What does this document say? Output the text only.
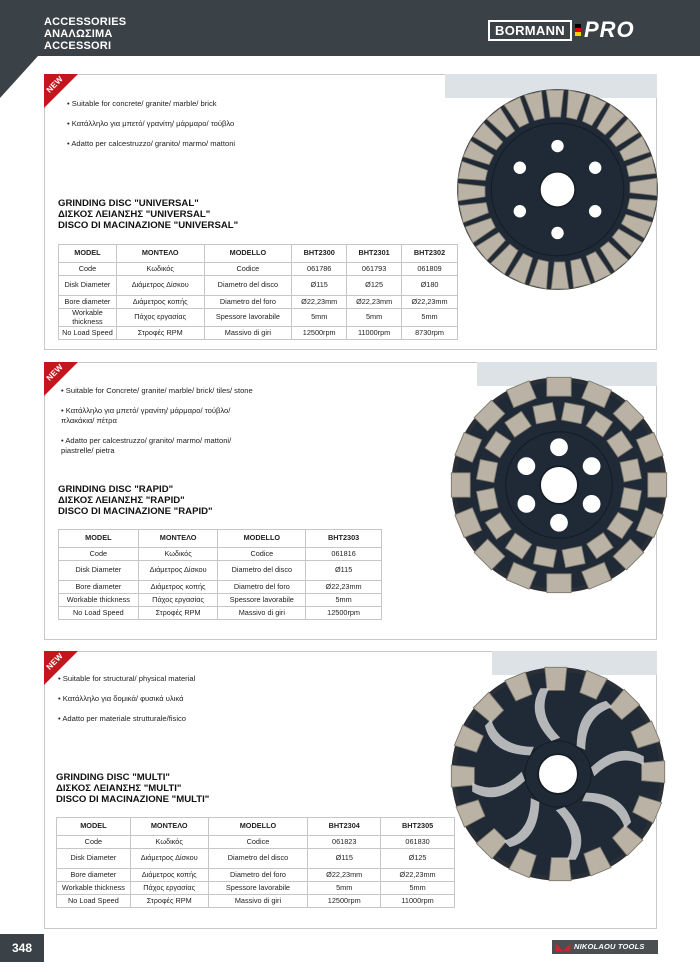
ACCESSORIES
ΑΝΑΛΩΣΙΜΑ
ACCESSORI
BORMANN PRO
NEW
NEW
NEW
• Suitable for concrete/ granite/ marble/ brick
• Κατάλληλο για μπετό/ γρανίτη/ μάρμαρο/ τούβλο
• Adatto per calcestruzzo/ granito/ marmo/ mattoni
• Suitable for Concrete/ granite/ marble/ brick/ tiles/ stone
• Κατάλληλο για μπετό/ γρανίτη/ μάρμαρο/ τούβλο/ πλακάκια/ πέτρα
• Adatto per calcestruzzo/ granito/ marmo/ mattoni/ piastrelle/ pietra
• Suitable for structural/ physical material
• Κατάλληλο για δομικά/ φυσικά υλικά
• Adatto per materiale strutturale/fisico
GRINDING DISC "UNIVERSAL"
ΔΙΣΚΟΣ ΛΕΙΑΝΣΗΣ "UNIVERSAL"
DISCO DI MACINAZIONE "UNIVERSAL"
GRINDING DISC "RAPID"
ΔΙΣΚΟΣ ΛΕΙΑΝΣΗΣ "RAPID"
DISCO DI MACINAZIONE "RAPID"
GRINDING DISC "MULTI"
ΔΙΣΚΟΣ ΛΕΙΑΝΣΗΣ "MULTI"
DISCO DI MACINAZIONE "MULTI"
MODEL	ΜΟΝΤΕΛΟ	MODELLO	BHT2300	BHT2301	BHT2302
Code	Κωδικός	Codice	061786	061793	061809
Disk Diameter	Διάμετρος Δίσκου	Diametro del disco	Ø115	Ø125	Ø180
Bore diameter	Διάμετρος κοπής	Diametro del foro	Ø22,23mm	Ø22,23mm	Ø22,23mm
Workable thickness	Πάχος εργασίας	Spessore lavorabile	5mm	5mm	5mm
No Load Speed	Στροφές RPM	Massivo di giri	12500rpm	11000rpm	8730rpm
MODEL	ΜΟΝΤΕΛΟ	MODELLO	BHT2303
Code	Κωδικός	Codice	061816
Disk Diameter	Διάμετρος Δίσκου	Diametro del disco	Ø115
Bore diameter	Διάμετρος κοπής	Diametro del foro	Ø22,23mm
Workable thickness	Πάχος εργασίας	Spessore lavorabile	5mm
No Load Speed	Στροφές RPM	Massivo di giri	12500rpm
MODEL	ΜΟΝΤΕΛΟ	MODELLO	BHT2304	BHT2305
Code	Κωδικός	Codice	061823	061830
Disk Diameter	Διάμετρος Δίσκου	Diametro del disco	Ø115	Ø125
Bore diameter	Διάμετρος κοπής	Diametro del foro	Ø22,23mm	Ø22,23mm
Workable thickness	Πάχος εργασίας	Spessore lavorabile	5mm	5mm
No Load Speed	Στροφές RPM	Massivo di giri	12500rpm	11000rpm
348	◣◢ NIKOLAOU TOOLS
